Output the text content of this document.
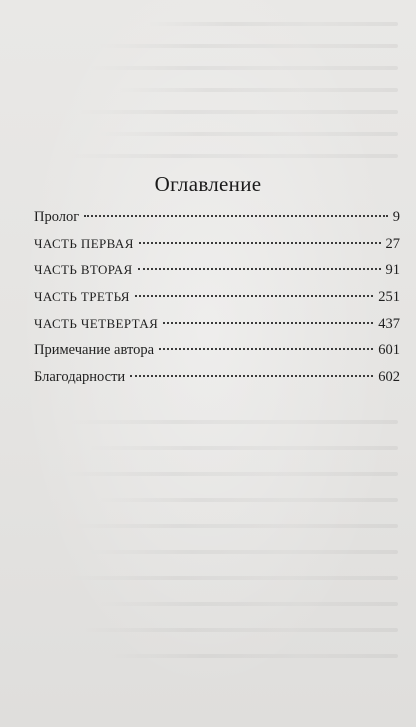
Оглавление
Пролог	9
ЧАСТЬ ПЕРВАЯ	27
ЧАСТЬ ВТОРАЯ	91
ЧАСТЬ ТРЕТЬЯ	251
ЧАСТЬ ЧЕТВЕРТАЯ	437
Примечание автора	601
Благодарности	602
